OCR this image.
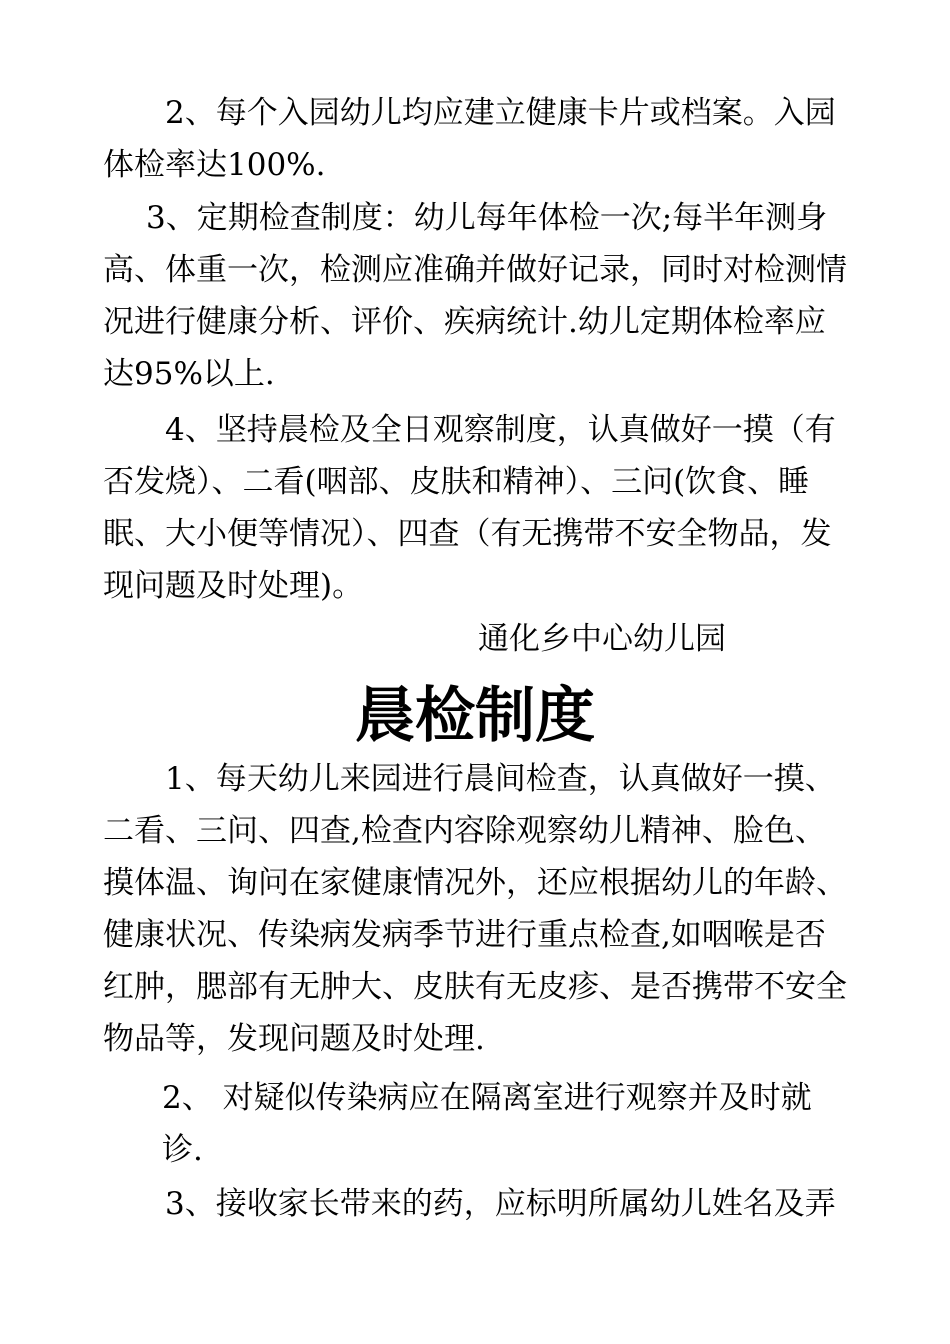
2、每个入园幼儿均应建立健康卡片或档案。入园体检率达100%.

3、定期检查制度：幼儿每年体检一次;每半年测身高、体重一次，检测应准确并做好记录，同时对检测情况进行健康分析、评价、疾病统计.幼儿定期体检率应达95%以上.

4、坚持晨检及全日观察制度，认真做好一摸（有否发烧）、二看(咽部、皮肤和精神）、三问(饮食、睡眠、大小便等情况）、四查（有无携带不安全物品，发现问题及时处理)。

通化乡中心幼儿园

晨检制度

1、每天幼儿来园进行晨间检查，认真做好一摸、二看、三问、四查,检查内容除观察幼儿精神、脸色、摸体温、询问在家健康情况外，还应根据幼儿的年龄、健康状况、传染病发病季节进行重点检查,如咽喉是否红肿，腮部有无肿大、皮肤有无皮疹、是否携带不安全物品等，发现问题及时处理.

2、 对疑似传染病应在隔离室进行观察并及时就诊.

3、接收家长带来的药，应标明所属幼儿姓名及弄
